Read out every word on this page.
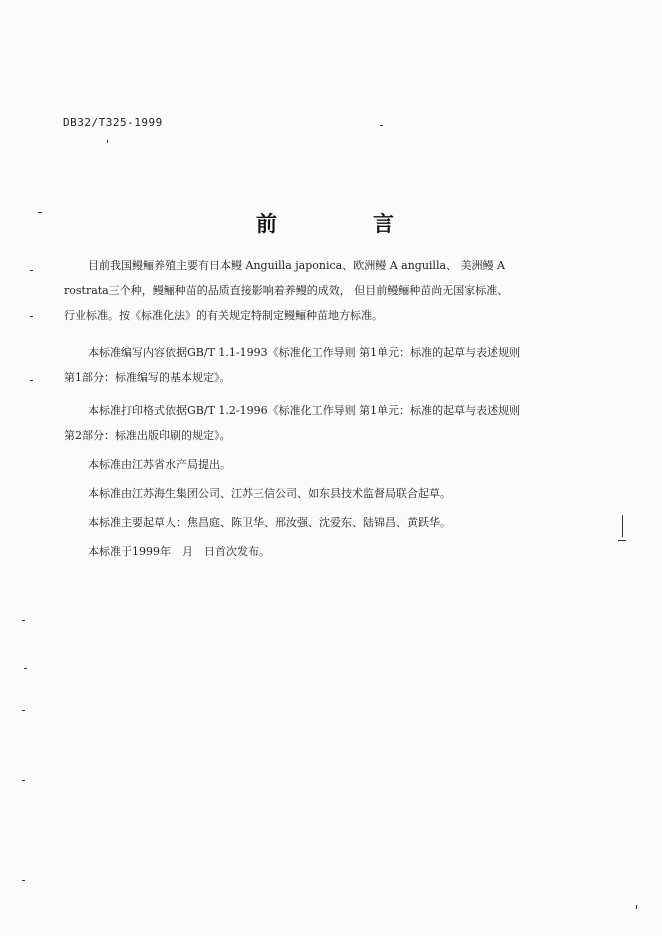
DB32/T325-1999
前	言
目前我国鳗鲡养殖主要有日本鳗 Anguilla japonica、欧洲鳗 A anguilla、 美洲鳗 A
rostrata三个种，鳗鲡种苗的品质直接影响着养鳗的成效， 但目前鳗鲡种苗尚无国家标准、
行业标准。按《标准化法》的有关规定特制定鳗鲡种苗地方标准。
本标准编写内容依据GB/T 1.1-1993《标准化工作导则 第1单元：标准的起草与表述规则
第1部分：标准编写的基本规定》。
本标准打印格式依据GB/T 1.2-1996《标准化工作导则 第1单元：标准的起草与表述规则
第2部分：标准出版印刷的规定》。
本标准由江苏省水产局提出。
本标准由江苏海生集团公司、江苏三信公司、如东县技术监督局联合起草。
本标准主要起草人：焦昌庭、陈卫华、邢汝强、沈爱东、陆锦昌、黄跃华。
本标准于1999年　月　日首次发布。
